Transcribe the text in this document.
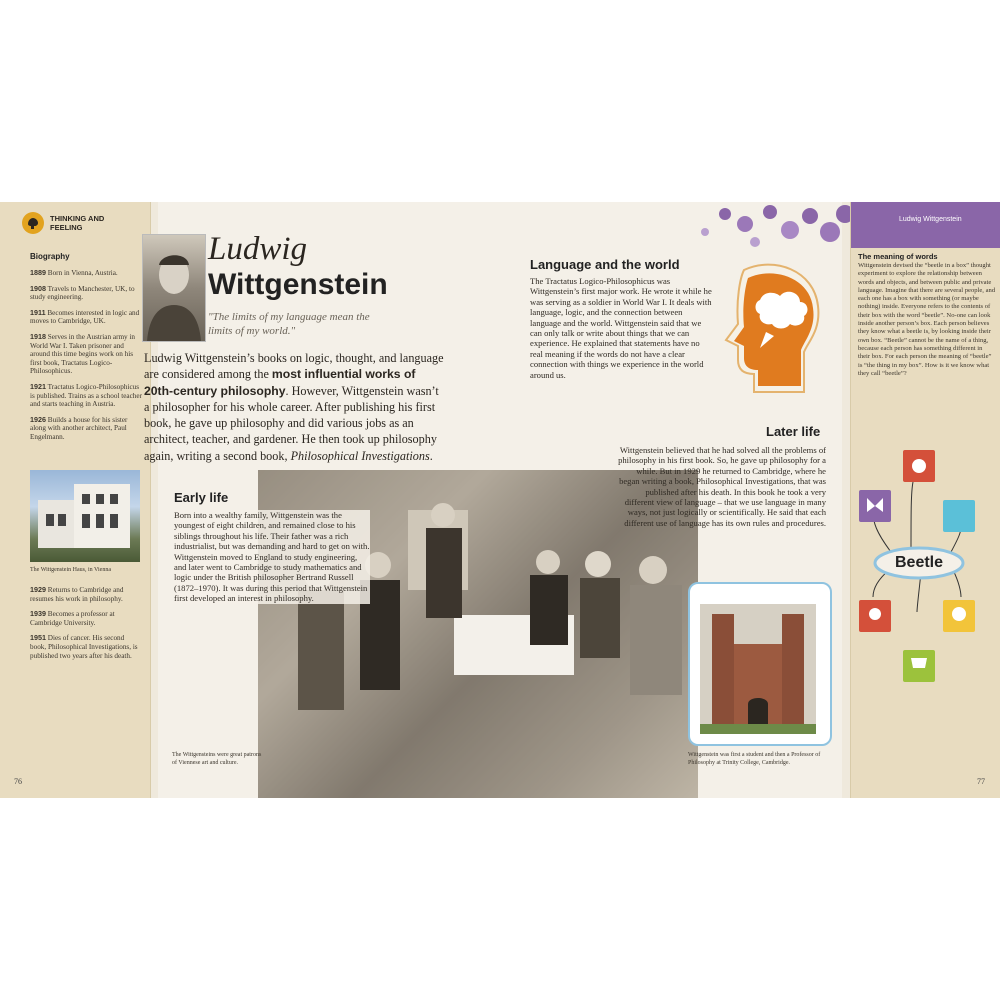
THINKING AND FEELING
Biography
1889 Born in Vienna, Austria.
1908 Travels to Manchester, UK, to study engineering.
1911 Becomes interested in logic and moves to Cambridge, UK.
1918 Serves in the Austrian army in World War I. Taken prisoner and around this time begins work on his first book, Tractatus Logico-Philosophicus.
1921 Tractatus Logico-Philosophicus is published. Trains as a school teacher and starts teaching in Austria.
1926 Builds a house for his sister along with another architect, Paul Engelmann.
The Wittgenstein Haus, in Vienna
1929 Returns to Cambridge and resumes his work in philosophy.
1939 Becomes a professor at Cambridge University.
1951 Dies of cancer. His second book, Philosophical Investigations, is published two years after his death.
76
Ludwig
Wittgenstein
"The limits of my language mean the limits of my world."
Ludwig Wittgenstein’s books on logic, thought, and language are considered among the most influential works of 20th-century philosophy. However, Wittgenstein wasn’t a philosopher for his whole career. After publishing his first book, he gave up philosophy and did various jobs as an architect, teacher, and gardener. He then took up philosophy again, writing a second book, Philosophical Investigations.
Early life
Born into a wealthy family, Wittgenstein was the youngest of eight children, and remained close to his siblings throughout his life. Their father was a rich industrialist, but was demanding and hard to get on with. Wittgenstein moved to England to study engineering, and later went to Cambridge to study mathematics and logic under the British philosopher Bertrand Russell (1872–1970). It was during this period that Wittgenstein first developed an interest in philosophy.
The Wittgensteins were great patrons of Viennese art and culture.
Language and the world
The Tractatus Logico-Philosophicus was Wittgenstein’s first major work. He wrote it while he was serving as a soldier in World War I. It deals with language, logic, and the connection between language and the world. Wittgenstein said that we can only talk or write about things that we can experience. He explained that statements have no real meaning if the words do not have a clear connection with things we experience in the world around us.
Later life
Wittgenstein believed that he had solved all the problems of philosophy in his first book. So, he gave up philosophy for a while. But in 1929 he returned to Cambridge, where he began writing a book, Philosophical Investigations, that was published after his death. In this book he took a very different view of language – that we use language in many ways, not just logically or scientifically. He said that each different use of language has its own rules and procedures.
Wittgenstein was first a student and then a Professor of Philosophy at Trinity College, Cambridge.
Ludwig Wittgenstein
The meaning of words
Wittgenstein devised the “beetle in a box” thought experiment to explore the relationship between words and objects, and between public and private language. Imagine that there are several people, and each one has a box with something (or maybe nothing) inside. Everyone refers to the contents of their box with the word “beetle”. No-one can look inside another person’s box. Each person believes they know what a beetle is, by looking inside their own box. “Beetle” cannot be the name of a thing, because each person has something different in their box. For each person the meaning of “beetle” is “the thing in my box”. How is it we know what they call “beetle”?
Beetle
77
